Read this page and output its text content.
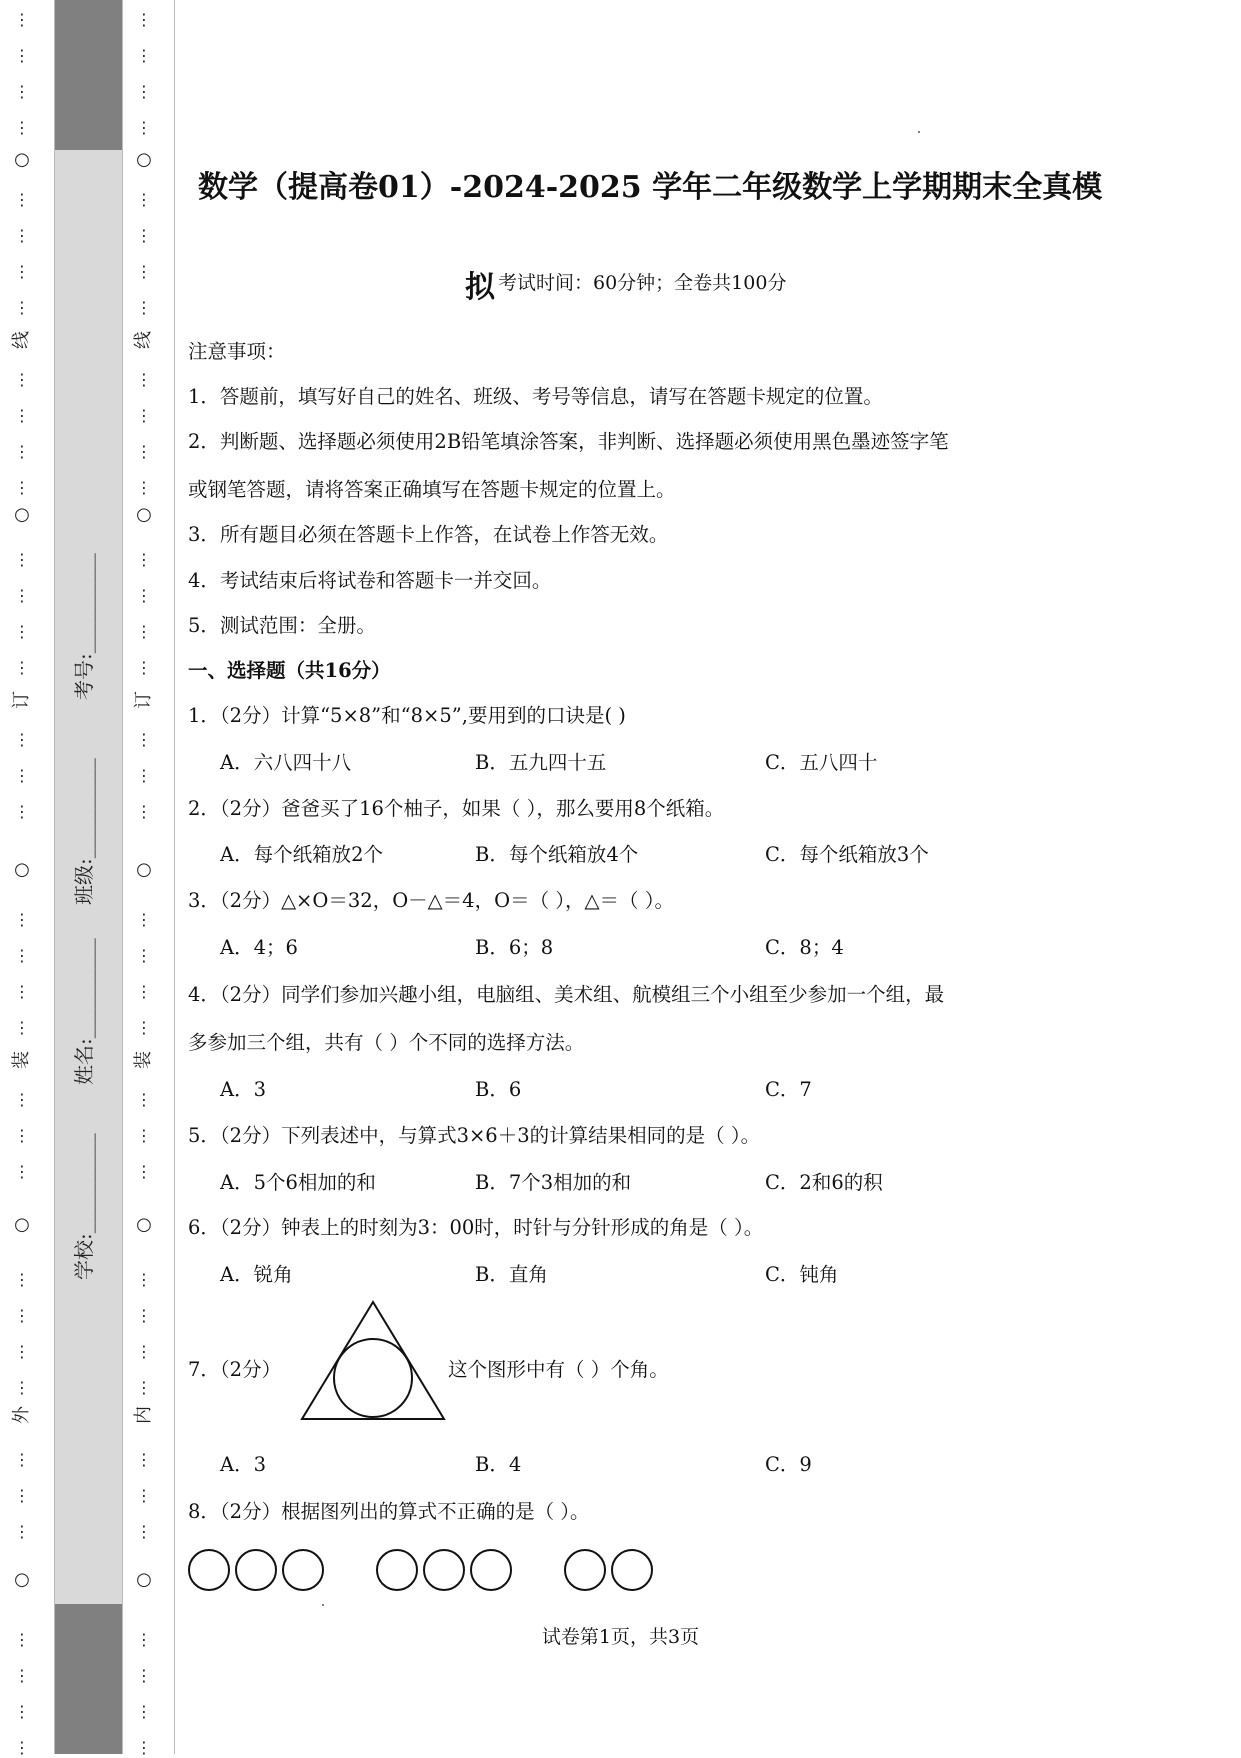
⋮
⋮
⋮
⋮
⋮
⋮
⋮
⋮
⋮
⋮
⋮
⋮
⋮
⋮
⋮
⋮
⋮
⋮
⋮
⋮
⋮
⋮
⋮
⋮
⋮
⋮
⋮
⋮
⋮
⋮
⋮
⋮
⋮
⋮
⋮
⋮
⋮
○
○
○
○
○
线
订
装
外
⋮
⋮
⋮
⋮
⋮
⋮
⋮
⋮
⋮
⋮
⋮
⋮
⋮
⋮
⋮
⋮
⋮
⋮
⋮
⋮
⋮
⋮
⋮
⋮
⋮
⋮
⋮
⋮
⋮
⋮
⋮
⋮
⋮
⋮
⋮
⋮
⋮
○
○
○
○
○
线
订
装
内
学校:__________
姓名:__________
班级:__________
考号:__________
数学（提高卷01）-2024-2025 学年二年级数学上学期期末全真模
拟 考试时间：60分钟；全卷共100分
注意事项：
1．答题前，填写好自己的姓名、班级、考号等信息，请写在答题卡规定的位置。
2．判断题、选择题必须使用2B铅笔填涂答案，非判断、选择题必须使用黑色墨迹签字笔
或钢笔答题，请将答案正确填写在答题卡规定的位置上。
3．所有题目必须在答题卡上作答，在试卷上作答无效。
4．考试结束后将试卷和答题卡一并交回。
5．测试范围：全册。
一、选择题（共16分）
1．（2分）计算“5×8”和“8×5”,要用到的口诀是( )
A．六八四十八	B．五九四十五	C．五八四十
2．（2分）爸爸买了16个柚子，如果（ ），那么要用8个纸箱。
A．每个纸箱放2个	B．每个纸箱放4个	C．每个纸箱放3个
3．（2分）△×O＝32，O－△＝4，O＝（ ），△＝（ ）。
A．4；6	B．6；8	C．8；4
4．（2分）同学们参加兴趣小组，电脑组、美术组、航模组三个小组至少参加一个组，最
多参加三个组，共有（ ）个不同的选择方法。
A．3	B．6	C．7
5．（2分）下列表述中，与算式3×6＋3的计算结果相同的是（ ）。
A．5个6相加的和	B．7个3相加的和	C．2和6的积
6．（2分）钟表上的时刻为3：00时，时针与分针形成的角是（ ）。
A．锐角	B．直角	C．钝角
7．（2分）	这个图形中有（ ）个角。
A．3	B．4	C．9
8．（2分）根据图列出的算式不正确的是（ ）。
试卷第1页，共3页
